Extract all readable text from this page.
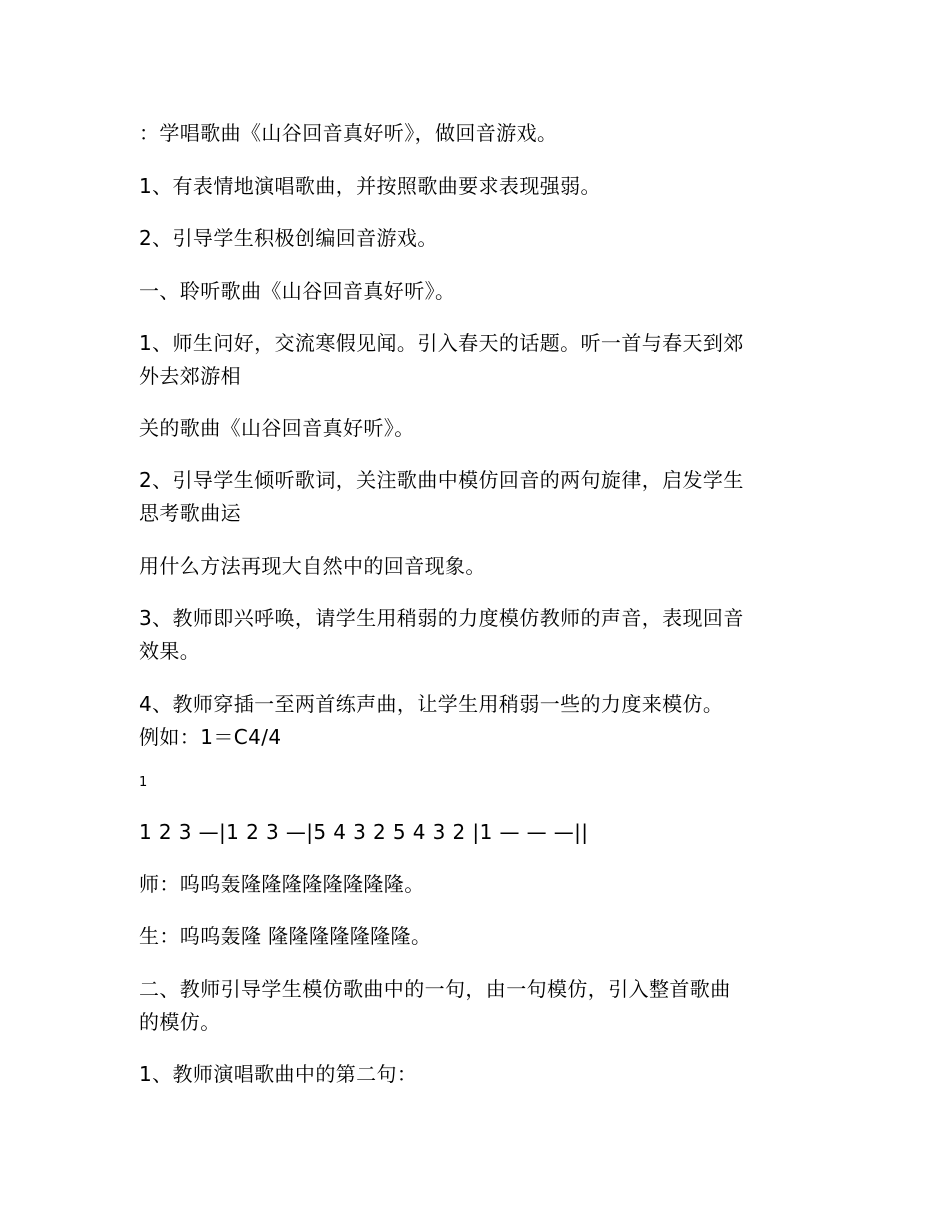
：学唱歌曲《山谷回音真好听》，做回音游戏。
1、有表情地演唱歌曲，并按照歌曲要求表现强弱。
2、引导学生积极创编回音游戏。
一、聆听歌曲《山谷回音真好听》。
1、师生问好，交流寒假见闻。引入春天的话题。听一首与春天到郊
外去郊游相
关的歌曲《山谷回音真好听》。
2、引导学生倾听歌词，关注歌曲中模仿回音的两句旋律，启发学生
思考歌曲运
用什么方法再现大自然中的回音现象。
3、教师即兴呼唤，请学生用稍弱的力度模仿教师的声音，表现回音
效果。
4、教师穿插一至两首练声曲，让学生用稍弱一些的力度来模仿。
例如：1＝C4/4
1
1 2 3 —|1 2 3 —|5 4 3 2 5 4 3 2 |1 — — —||
师：呜呜轰隆隆隆隆隆隆隆隆。
生：呜呜轰隆 隆隆隆隆隆隆隆。
二、教师引导学生模仿歌曲中的一句，由一句模仿，引入整首歌曲
的模仿。
1、教师演唱歌曲中的第二句：
